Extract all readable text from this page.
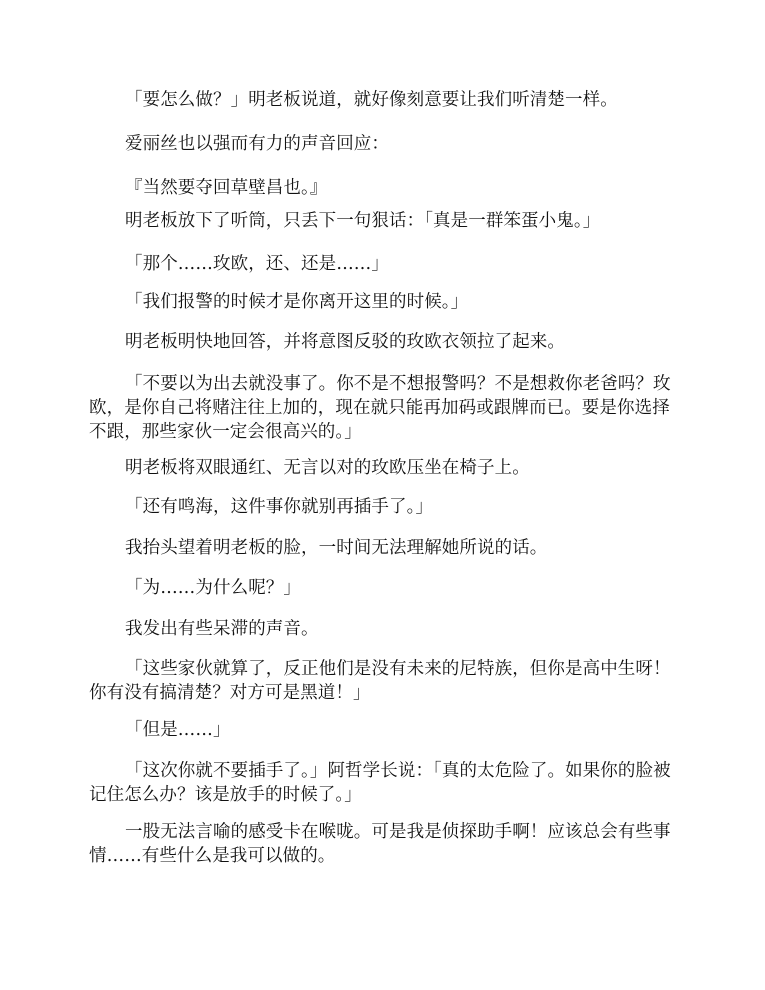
「要怎么做？」明老板说道，就好像刻意要让我们听清楚一样。

爱丽丝也以强而有力的声音回应：

『当然要夺回草壁昌也。』

明老板放下了听筒，只丢下一句狠话：「真是一群笨蛋小鬼。」

「那个……玫欧，还、还是……」

「我们报警的时候才是你离开这里的时候。」

明老板明快地回答，并将意图反驳的玫欧衣领拉了起来。

「不要以为出去就没事了。你不是不想报警吗？不是想救你老爸吗？玫欧，是你自己将赌注往上加的，现在就只能再加码或跟牌而已。要是你选择不跟，那些家伙一定会很高兴的。」

明老板将双眼通红、无言以对的玫欧压坐在椅子上。

「还有鸣海，这件事你就别再插手了。」

我抬头望着明老板的脸，一时间无法理解她所说的话。

「为……为什么呢？」

我发出有些呆滞的声音。

「这些家伙就算了，反正他们是没有未来的尼特族，但你是高中生呀！你有没有搞清楚？对方可是黑道！」

「但是……」

「这次你就不要插手了。」阿哲学长说：「真的太危险了。如果你的脸被记住怎么办？该是放手的时候了。」

一股无法言喻的感受卡在喉咙。可是我是侦探助手啊！应该总会有些事情……有些什么是我可以做的。
